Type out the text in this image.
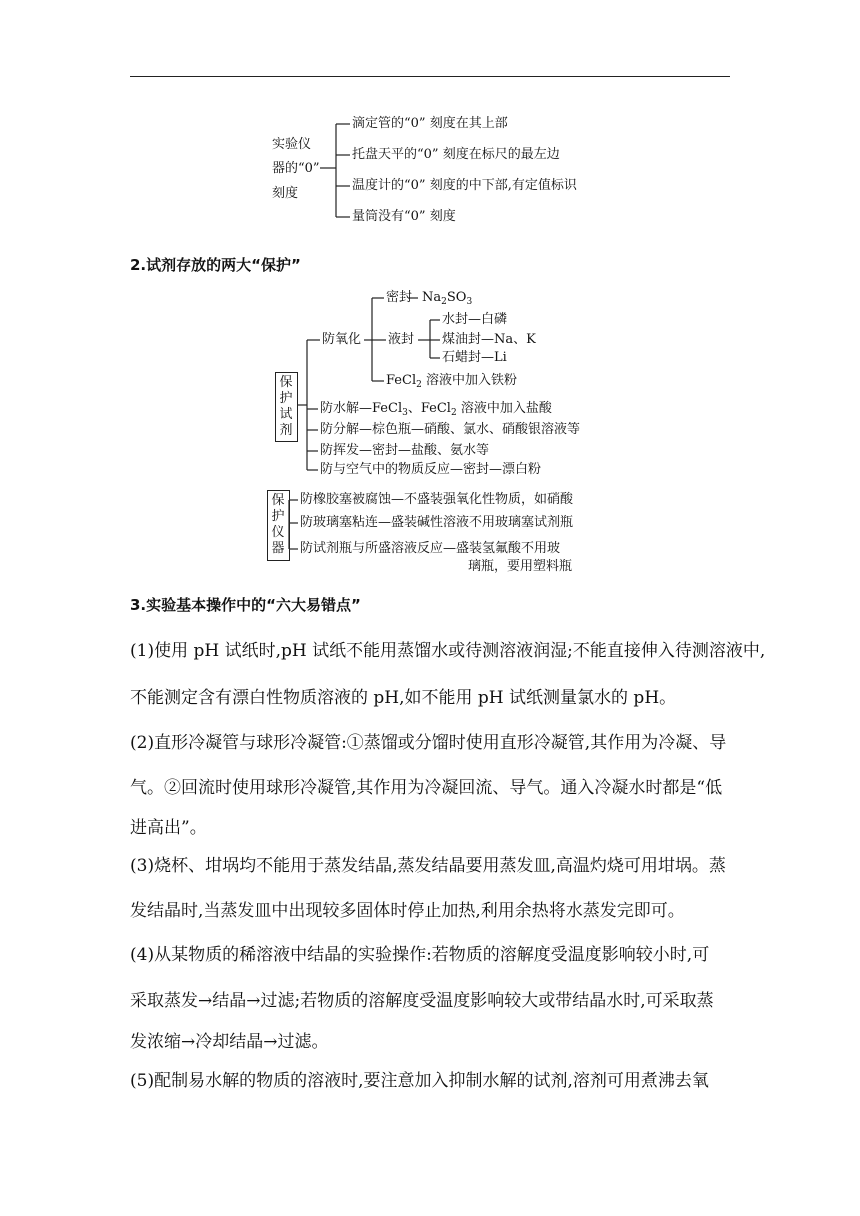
实验仪
器的“0”
刻度
滴定管的“0” 刻度在其上部
托盘天平的“0” 刻度在标尺的最左边
温度计的“0” 刻度的中下部,有定值标识
量筒没有“0” 刻度
2.试剂存放的两大“保护”
保
护
试
剂
防氧化
密封 $Na_2SO_3$
液封
水封—白磷
煤油封—Na、K
石蜡封—Li
FeCl$_2$ 溶液中加入铁粉
防水解—FeCl$_3$、FeCl$_2$ 溶液中加入盐酸
防分解—棕色瓶—硝酸、氯水、硝酸银溶液等
防挥发—密封—盐酸、氨水等
防与空气中的物质反应—密封—漂白粉
保
护
仪
器
防橡胶塞被腐蚀—不盛装强氧化性物质，如硝酸
防玻璃塞粘连—盛装碱性溶液不用玻璃塞试剂瓶
防试剂瓶与所盛溶液反应—盛装氢氟酸不用玻
璃瓶，要用塑料瓶
3.实验基本操作中的“六大易错点”
(1)使用 pH 试纸时,pH 试纸不能用蒸馏水或待测溶液润湿;不能直接伸入待测溶液中,
不能测定含有漂白性物质溶液的 pH,如不能用 pH 试纸测量氯水的 pH。
(2)直形冷凝管与球形冷凝管:①蒸馏或分馏时使用直形冷凝管,其作用为冷凝、导
气。②回流时使用球形冷凝管,其作用为冷凝回流、导气。通入冷凝水时都是“低
进高出”。
(3)烧杯、坩埚均不能用于蒸发结晶,蒸发结晶要用蒸发皿,高温灼烧可用坩埚。蒸
发结晶时,当蒸发皿中出现较多固体时停止加热,利用余热将水蒸发完即可。
(4)从某物质的稀溶液中结晶的实验操作:若物质的溶解度受温度影响较小时,可
采取蒸发→结晶→过滤;若物质的溶解度受温度影响较大或带结晶水时,可采取蒸
发浓缩→冷却结晶→过滤。
(5)配制易水解的物质的溶液时,要注意加入抑制水解的试剂,溶剂可用煮沸去氧
